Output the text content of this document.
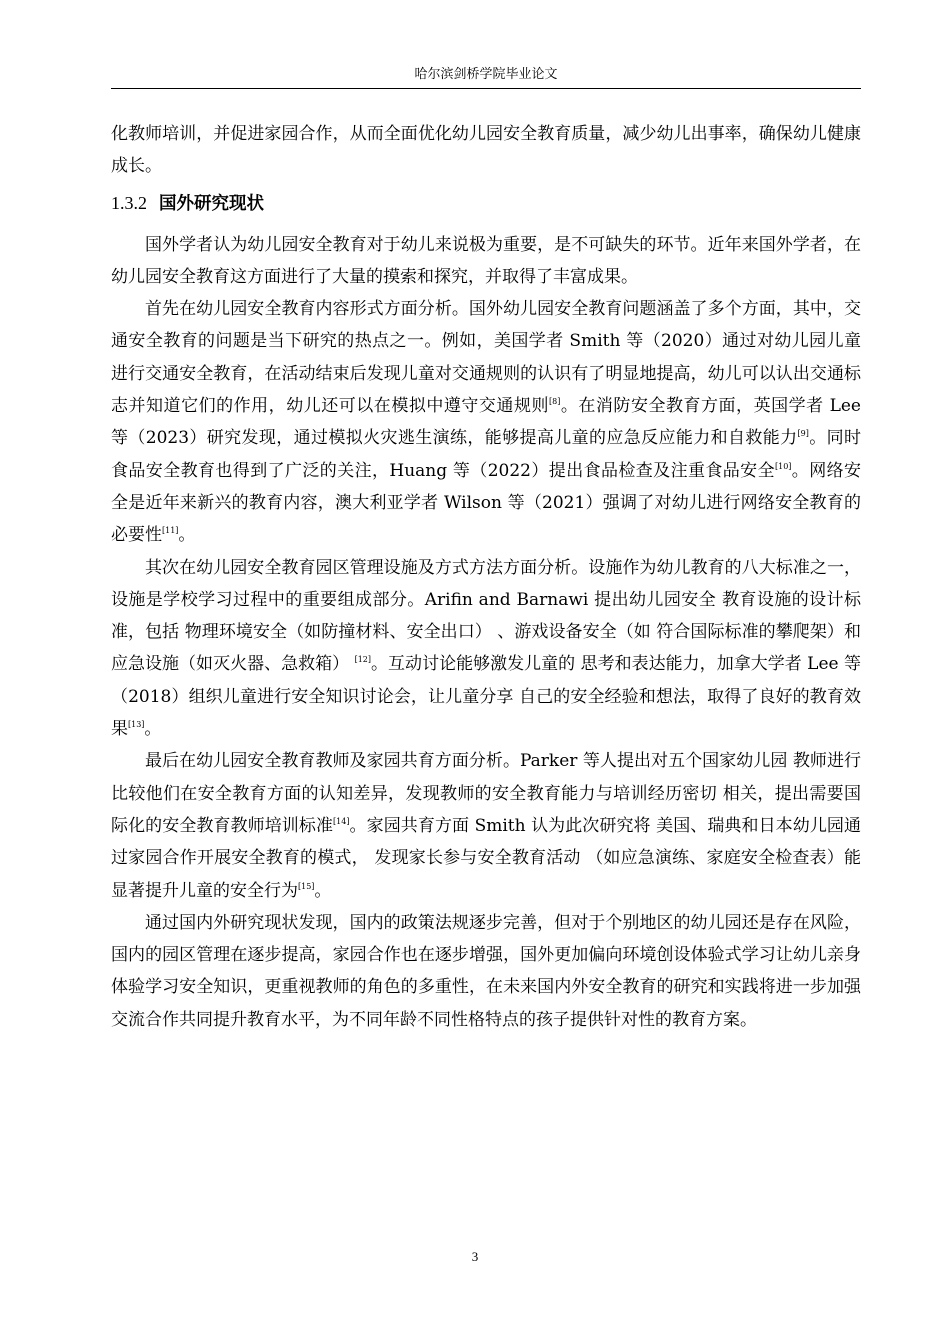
哈尔滨剑桥学院毕业论文

化教师培训，并促进家园合作，从而全面优化幼儿园安全教育质量，减少幼儿出事率，确保幼儿健康成长。

1.3.2 国外研究现状

国外学者认为幼儿园安全教育对于幼儿来说极为重要，是不可缺失的环节。近年来国外学者，在幼儿园安全教育这方面进行了大量的摸索和探究，并取得了丰富成果。

首先在幼儿园安全教育内容形式方面分析。国外幼儿园安全教育问题涵盖了多个方面，其中，交通安全教育的问题是当下研究的热点之一。例如，美国学者 Smith 等（2020）通过对幼儿园儿童进行交通安全教育，在活动结束后发现儿童对交通规则的认识有了明显地提高，幼儿可以认出交通标志并知道它们的作用，幼儿还可以在模拟中遵守交通规则[8]。在消防安全教育方面，英国学者 Lee 等（2023）研究发现，通过模拟火灾逃生演练，能够提高儿童的应急反应能力和自救能力[9]。同时食品安全教育也得到了广泛的关注，Huang 等（2022）提出食品检查及注重食品安全[10]。网络安全是近年来新兴的教育内容，澳大利亚学者 Wilson 等（2021）强调了对幼儿进行网络安全教育的必要性[11]。

其次在幼儿园安全教育园区管理设施及方式方法方面分析。设施作为幼儿教育的八大标准之一，设施是学校学习过程中的重要组成部分。Arifin and Barnawi 提出幼儿园安全 教育设施的设计标准，包括 物理环境安全（如防撞材料、安全出口） 、游戏设备安全（如 符合国际标准的攀爬架）和 应急设施（如灭火器、急救箱） [12]。互动讨论能够激发儿童的 思考和表达能力，加拿大学者 Lee 等（2018）组织儿童进行安全知识讨论会，让儿童分享 自己的安全经验和想法，取得了良好的教育效果[13]。

最后在幼儿园安全教育教师及家园共育方面分析。Parker 等人提出对五个国家幼儿园 教师进行比较他们在安全教育方面的认知差异，发现教师的安全教育能力与培训经历密切 相关，提出需要国际化的安全教育教师培训标准[14]。家园共育方面 Smith 认为此次研究将 美国、瑞典和日本幼儿园通过家园合作开展安全教育的模式， 发现家长参与安全教育活动 （如应急演练、家庭安全检查表）能显著提升儿童的安全行为[15]。

通过国内外研究现状发现，国内的政策法规逐步完善，但对于个别地区的幼儿园还是存在风险，国内的园区管理在逐步提高，家园合作也在逐步增强，国外更加偏向环境创设体验式学习让幼儿亲身体验学习安全知识，更重视教师的角色的多重性，在未来国内外安全教育的研究和实践将进一步加强交流合作共同提升教育水平，为不同年龄不同性格特点的孩子提供针对性的教育方案。

3
